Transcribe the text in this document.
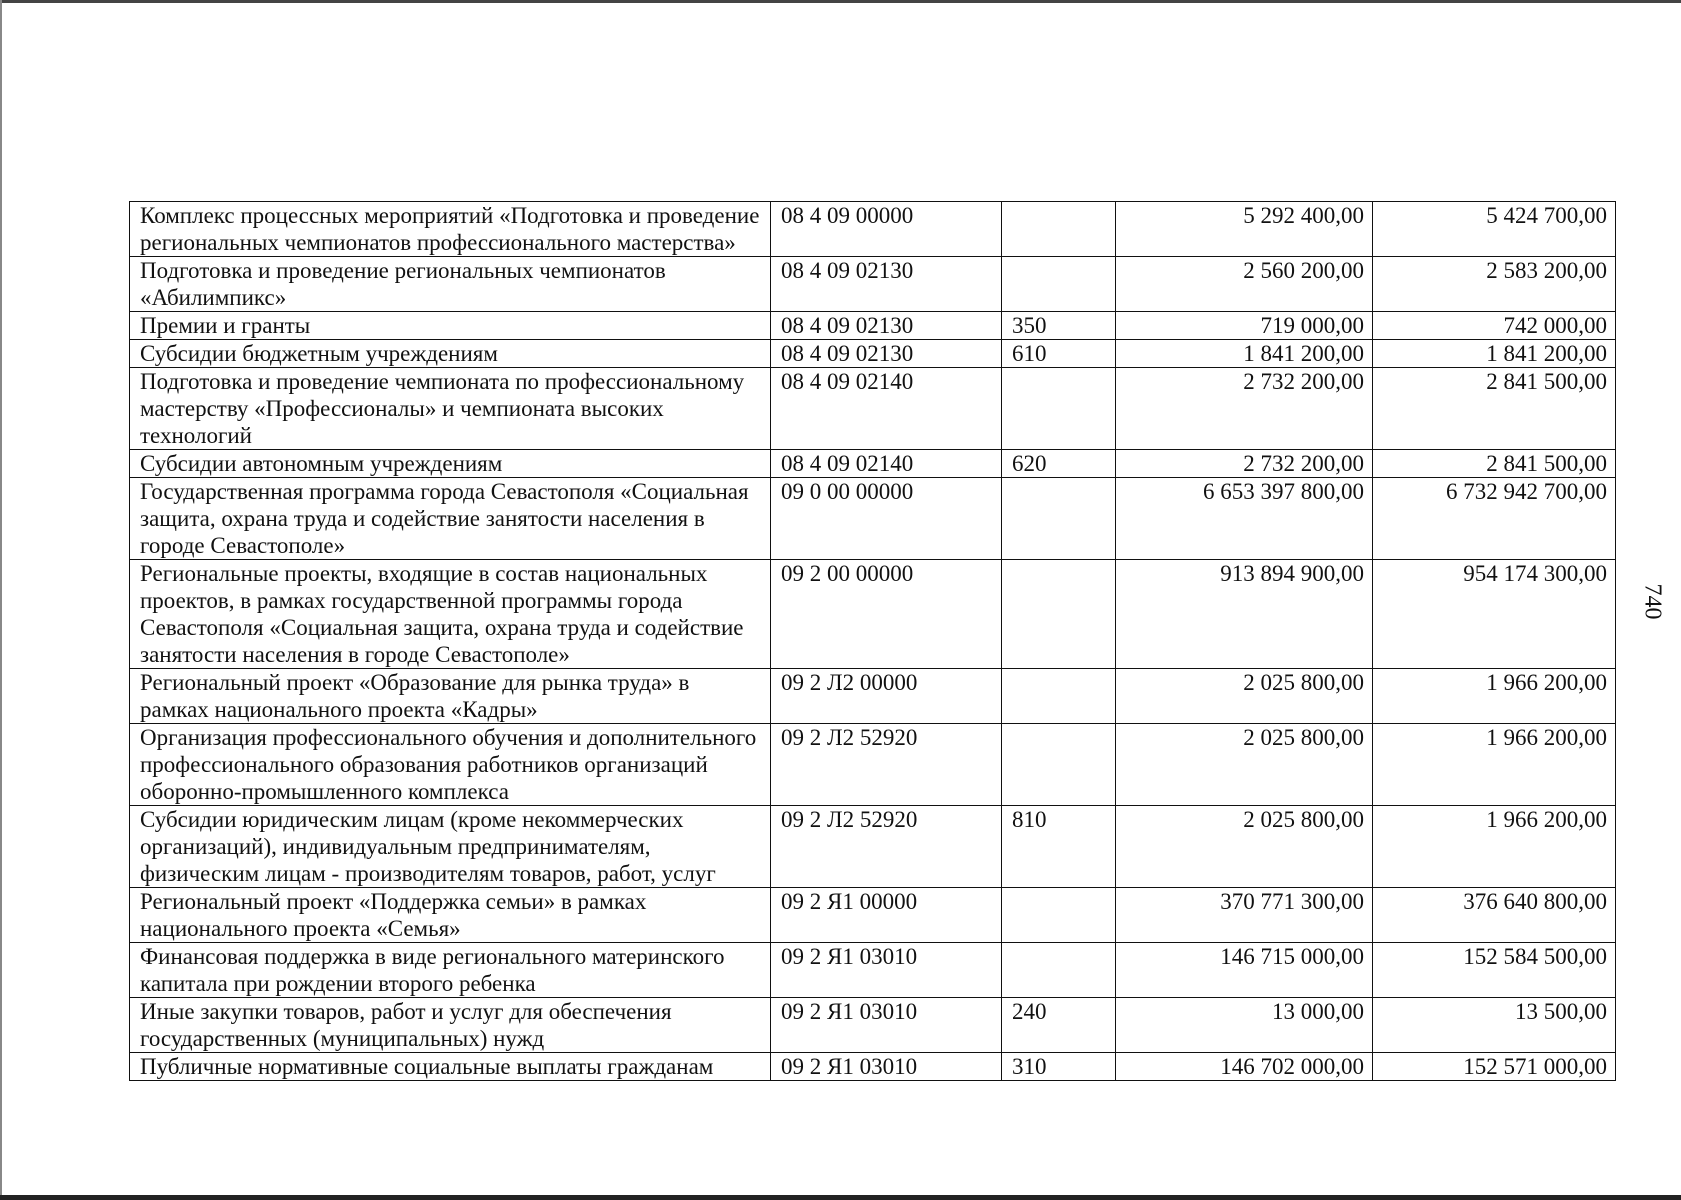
Комплекс процессных мероприятий «Подготовка и проведение региональных чемпионатов профессионального мастерства»	08 4 09 00000		5 292 400,00	5 424 700,00
Подготовка и проведение региональных чемпионатов «Абилимпикс»	08 4 09 02130		2 560 200,00	2 583 200,00
Премии и гранты	08 4 09 02130	350	719 000,00	742 000,00
Субсидии бюджетным учреждениям	08 4 09 02130	610	1 841 200,00	1 841 200,00
Подготовка и проведение чемпионата по профессиональному мастерству «Профессионалы» и чемпионата высоких технологий	08 4 09 02140		2 732 200,00	2 841 500,00
Субсидии автономным учреждениям	08 4 09 02140	620	2 732 200,00	2 841 500,00
Государственная программа города Севастополя «Социальная защита, охрана труда и содействие занятости населения в городе Севастополе»	09 0 00 00000		6 653 397 800,00	6 732 942 700,00
Региональные проекты, входящие в состав национальных проектов, в рамках государственной программы города Севастополя «Социальная защита, охрана труда и содействие занятости населения в городе Севастополе»	09 2 00 00000		913 894 900,00	954 174 300,00
Региональный проект «Образование для рынка труда» в рамках национального проекта «Кадры»	09 2 Л2 00000		2 025 800,00	1 966 200,00
Организация профессионального обучения и дополнительного профессионального образования работников организаций оборонно-промышленного комплекса	09 2 Л2 52920		2 025 800,00	1 966 200,00
Субсидии юридическим лицам (кроме некоммерческих организаций), индивидуальным предпринимателям, физическим лицам - производителям товаров, работ, услуг	09 2 Л2 52920	810	2 025 800,00	1 966 200,00
Региональный проект «Поддержка семьи» в рамках национального проекта «Семья»	09 2 Я1 00000		370 771 300,00	376 640 800,00
Финансовая поддержка в виде регионального материнского капитала при рождении второго ребенка	09 2 Я1 03010		146 715 000,00	152 584 500,00
Иные закупки товаров, работ и услуг для обеспечения государственных (муниципальных) нужд	09 2 Я1 03010	240	13 000,00	13 500,00
Публичные нормативные социальные выплаты гражданам	09 2 Я1 03010	310	146 702 000,00	152 571 000,00
740
